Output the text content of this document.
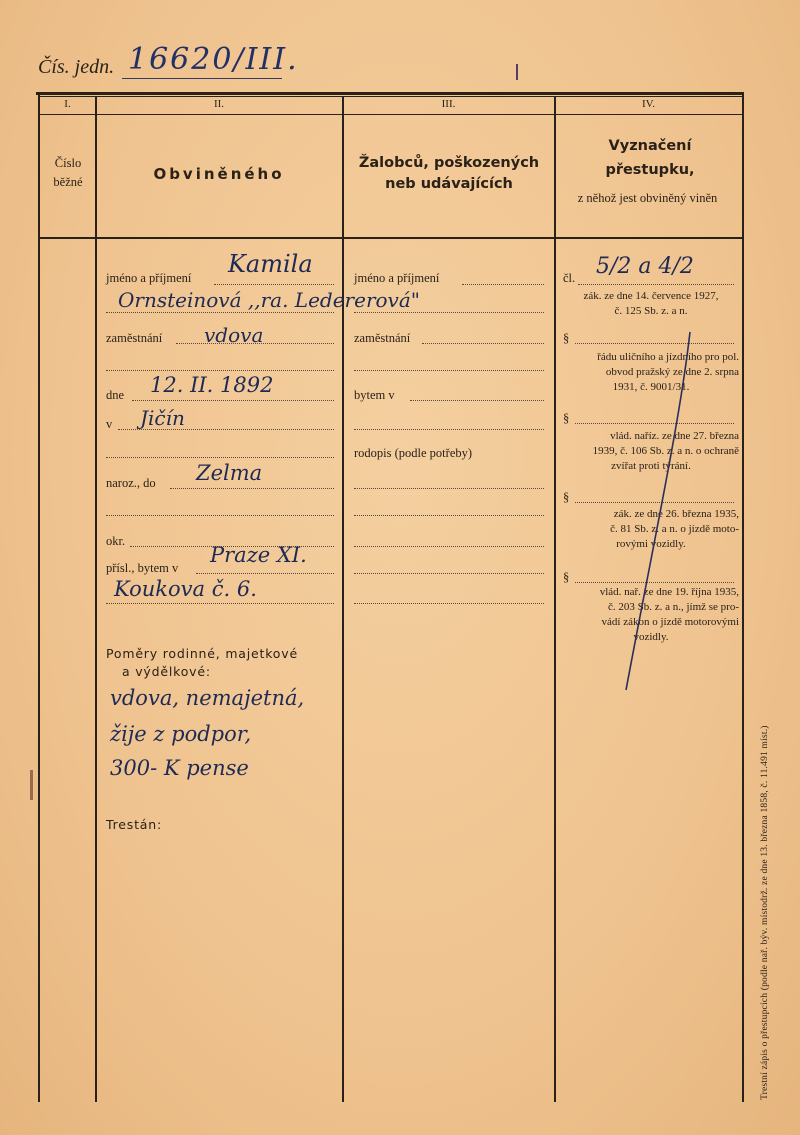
Čís. jedn. 16620/III.
I.	II.	III.	IV.
Číslo běžné	Obviněného
Žalobců, poškozených neb udávajících
Vyznačení přestupku,
z něhož jest obviněný viněn
jméno a příjmení Kamila
Ornsteinová ,,ra. Ledererová"
zaměstnání vdova
dne 12. II. 1892
v Jičín
naroz., do Zelma
okr.
přísl., bytem v
Praze XI.
Koukova č. 6.
Poměry rodinné, majetkové
a výdělkové:
vdova, nemajetná,
žije z podpor,
300- K pense
Trestán:
jméno a příjmení
zaměstnání
bytem v
rodopis (podle potřeby)
čl. 5/2 a 4/2
zák. ze dne 14. července 1927,
č. 125 Sb. z. a n.
§
řádu uličního a jízdního pro pol.
obvod pražský ze dne 2. srpna
1931, č. 9001/31.
§
vlád. naříz. ze dne 27. března
1939, č. 106 Sb. z. a n. o ochraně
zvířat proti týrání.
§
zák. ze dne 26. března 1935,
č. 81 Sb. z. a n. o jízdě moto-
rovými vozidly.
§
vlád. nař. ze dne 19. října 1935,
č. 203 Sb. z. a n., jímž se pro-
vádí zákon o jízdě motorovými
vozidly.
Trestní zápis o přestupcích (podle nař. býv. místodrž. ze dne 13. března 1858, č. 11.491 míst.)
